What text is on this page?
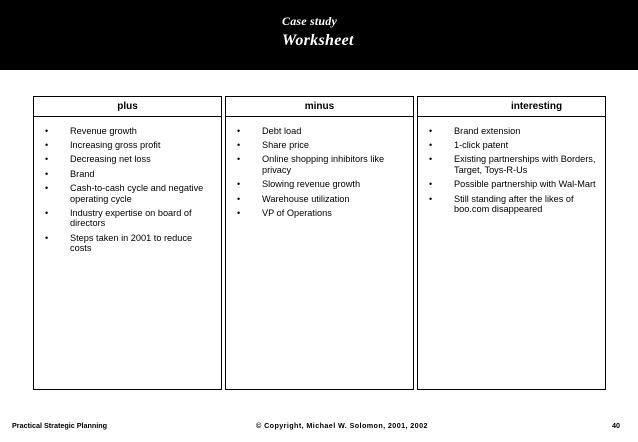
Case study
Worksheet
plus
• Revenue growth
• Increasing gross profit
• Decreasing net loss
• Brand
• Cash-to-cash cycle and negative operating cycle
• Industry expertise on board of directors
• Steps taken in 2001 to reduce costs
minus
• Debt load
• Share price
• Online shopping inhibitors like privacy
• Slowing revenue growth
• Warehouse utilization
• VP of Operations
interesting
• Brand extension
• 1-click patent
• Existing partnerships with Borders, Target, Toys-R-Us
• Possible partnership with Wal-Mart
• Still standing after the likes of boo.com disappeared
Practical Strategic Planning	© Copyright, Michael W. Solomon, 2001, 2002	40
